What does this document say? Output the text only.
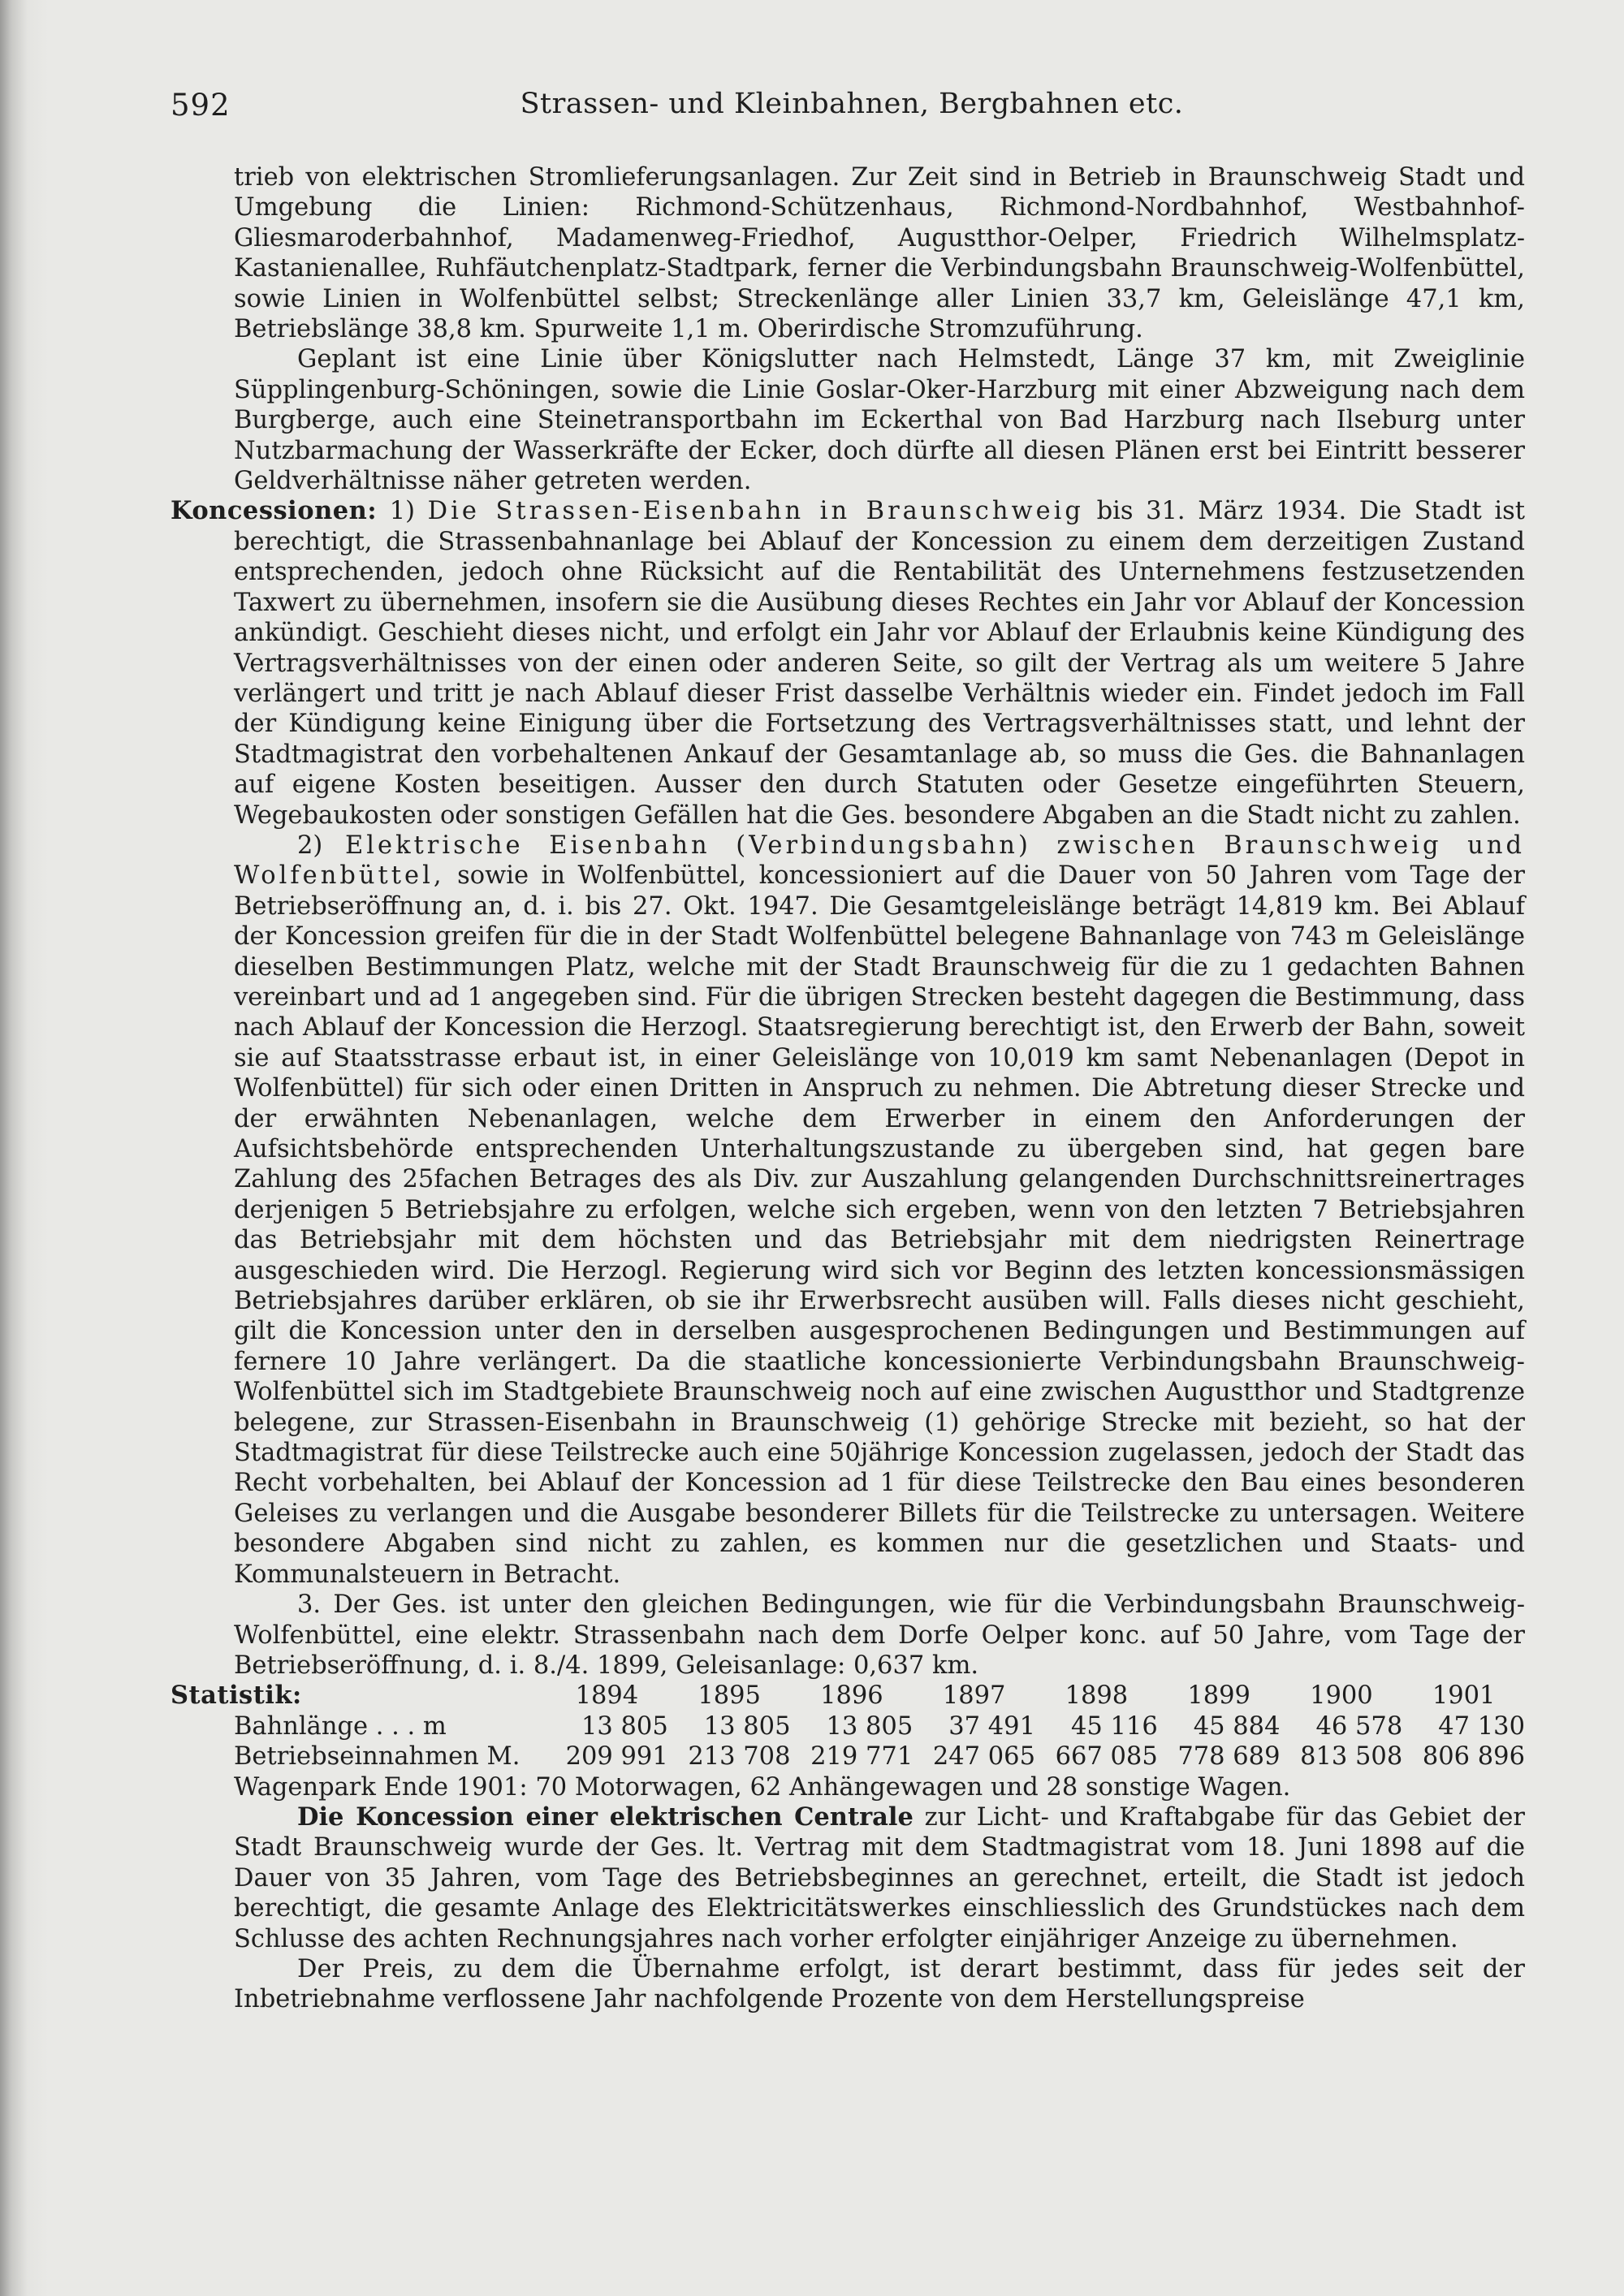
592	Strassen- und Kleinbahnen, Bergbahnen etc.

trieb von elektrischen Stromlieferungsanlagen. Zur Zeit sind in Betrieb in Braunschweig Stadt und Umgebung die Linien: Richmond-Schützenhaus, Richmond-Nordbahnhof, Westbahnhof-Gliesmaroderbahnhof, Madamenweg-Friedhof, Augustthor-Oelper, Friedrich Wilhelmsplatz-Kastanienallee, Ruhfäutchenplatz-Stadtpark, ferner die Verbindungsbahn Braunschweig-Wolfenbüttel, sowie Linien in Wolfenbüttel selbst; Streckenlänge aller Linien 33,7 km, Geleislänge 47,1 km, Betriebslänge 38,8 km. Spurweite 1,1 m. Oberirdische Stromzuführung.

Geplant ist eine Linie über Königslutter nach Helmstedt, Länge 37 km, mit Zweiglinie Süpplingenburg-Schöningen, sowie die Linie Goslar-Oker-Harzburg mit einer Abzweigung nach dem Burgberge, auch eine Steinetransportbahn im Eckerthal von Bad Harzburg nach Ilseburg unter Nutzbarmachung der Wasserkräfte der Ecker, doch dürfte all diesen Plänen erst bei Eintritt besserer Geldverhältnisse näher getreten werden.

Koncessionen: 1) Die Strassen-Eisenbahn in Braunschweig bis 31. März 1934. Die Stadt ist berechtigt, die Strassenbahnanlage bei Ablauf der Koncession zu einem dem derzeitigen Zustand entsprechenden, jedoch ohne Rücksicht auf die Rentabilität des Unternehmens festzusetzenden Taxwert zu übernehmen, insofern sie die Ausübung dieses Rechtes ein Jahr vor Ablauf der Koncession ankündigt. Geschieht dieses nicht, und erfolgt ein Jahr vor Ablauf der Erlaubnis keine Kündigung des Vertragsverhältnisses von der einen oder anderen Seite, so gilt der Vertrag als um weitere 5 Jahre verlängert und tritt je nach Ablauf dieser Frist dasselbe Verhältnis wieder ein. Findet jedoch im Fall der Kündigung keine Einigung über die Fortsetzung des Vertragsverhältnisses statt, und lehnt der Stadtmagistrat den vorbehaltenen Ankauf der Gesamtanlage ab, so muss die Ges. die Bahnanlagen auf eigene Kosten beseitigen. Ausser den durch Statuten oder Gesetze eingeführten Steuern, Wegebaukosten oder sonstigen Gefällen hat die Ges. besondere Abgaben an die Stadt nicht zu zahlen.

2) Elektrische Eisenbahn (Verbindungsbahn) zwischen Braunschweig und Wolfenbüttel, sowie in Wolfenbüttel, koncessioniert auf die Dauer von 50 Jahren vom Tage der Betriebseröffnung an, d. i. bis 27. Okt. 1947. Die Gesamtgeleislänge beträgt 14,819 km. Bei Ablauf der Koncession greifen für die in der Stadt Wolfenbüttel belegene Bahnanlage von 743 m Geleislänge dieselben Bestimmungen Platz, welche mit der Stadt Braunschweig für die zu 1 gedachten Bahnen vereinbart und ad 1 angegeben sind. Für die übrigen Strecken besteht dagegen die Bestimmung, dass nach Ablauf der Koncession die Herzogl. Staatsregierung berechtigt ist, den Erwerb der Bahn, soweit sie auf Staatsstrasse erbaut ist, in einer Geleislänge von 10,019 km samt Nebenanlagen (Depot in Wolfenbüttel) für sich oder einen Dritten in Anspruch zu nehmen. Die Abtretung dieser Strecke und der erwähnten Nebenanlagen, welche dem Erwerber in einem den Anforderungen der Aufsichtsbehörde entsprechenden Unterhaltungszustande zu übergeben sind, hat gegen bare Zahlung des 25fachen Betrages des als Div. zur Auszahlung gelangenden Durchschnittsreinertrages derjenigen 5 Betriebsjahre zu erfolgen, welche sich ergeben, wenn von den letzten 7 Betriebsjahren das Betriebsjahr mit dem höchsten und das Betriebsjahr mit dem niedrigsten Reinertrage ausgeschieden wird. Die Herzogl. Regierung wird sich vor Beginn des letzten koncessionsmässigen Betriebsjahres darüber erklären, ob sie ihr Erwerbsrecht ausüben will. Falls dieses nicht geschieht, gilt die Koncession unter den in derselben ausgesprochenen Bedingungen und Bestimmungen auf fernere 10 Jahre verlängert. Da die staatliche koncessionierte Verbindungsbahn Braunschweig-Wolfenbüttel sich im Stadtgebiete Braunschweig noch auf eine zwischen Augustthor und Stadtgrenze belegene, zur Strassen-Eisenbahn in Braunschweig (1) gehörige Strecke mit bezieht, so hat der Stadtmagistrat für diese Teilstrecke auch eine 50jährige Koncession zugelassen, jedoch der Stadt das Recht vorbehalten, bei Ablauf der Koncession ad 1 für diese Teilstrecke den Bau eines besonderen Geleises zu verlangen und die Ausgabe besonderer Billets für die Teilstrecke zu untersagen. Weitere besondere Abgaben sind nicht zu zahlen, es kommen nur die gesetzlichen und Staats- und Kommunalsteuern in Betracht.

3. Der Ges. ist unter den gleichen Bedingungen, wie für die Verbindungsbahn Braunschweig-Wolfenbüttel, eine elektr. Strassenbahn nach dem Dorfe Oelper konc. auf 50 Jahre, vom Tage der Betriebseröffnung, d. i. 8./4. 1899, Geleisanlage: 0,637 km.

Statistik:	1894	1895	1896	1897	1898	1899	1900	1901
Bahnlänge . . . m	13 805	13 805	13 805	37 491	45 116	45 884	46 578	47 130
Betriebseinnahmen M.	209 991	213 708	219 771	247 065	667 085	778 689	813 508	806 896

Wagenpark Ende 1901: 70 Motorwagen, 62 Anhängewagen und 28 sonstige Wagen.

Die Koncession einer elektrischen Centrale zur Licht- und Kraftabgabe für das Gebiet der Stadt Braunschweig wurde der Ges. lt. Vertrag mit dem Stadtmagistrat vom 18. Juni 1898 auf die Dauer von 35 Jahren, vom Tage des Betriebsbeginnes an gerechnet, erteilt, die Stadt ist jedoch berechtigt, die gesamte Anlage des Elektricitätswerkes einschliesslich des Grundstückes nach dem Schlusse des achten Rechnungsjahres nach vorher erfolgter einjähriger Anzeige zu übernehmen.

Der Preis, zu dem die Übernahme erfolgt, ist derart bestimmt, dass für jedes seit der Inbetriebnahme verflossene Jahr nachfolgende Prozente von dem Herstellungspreise
